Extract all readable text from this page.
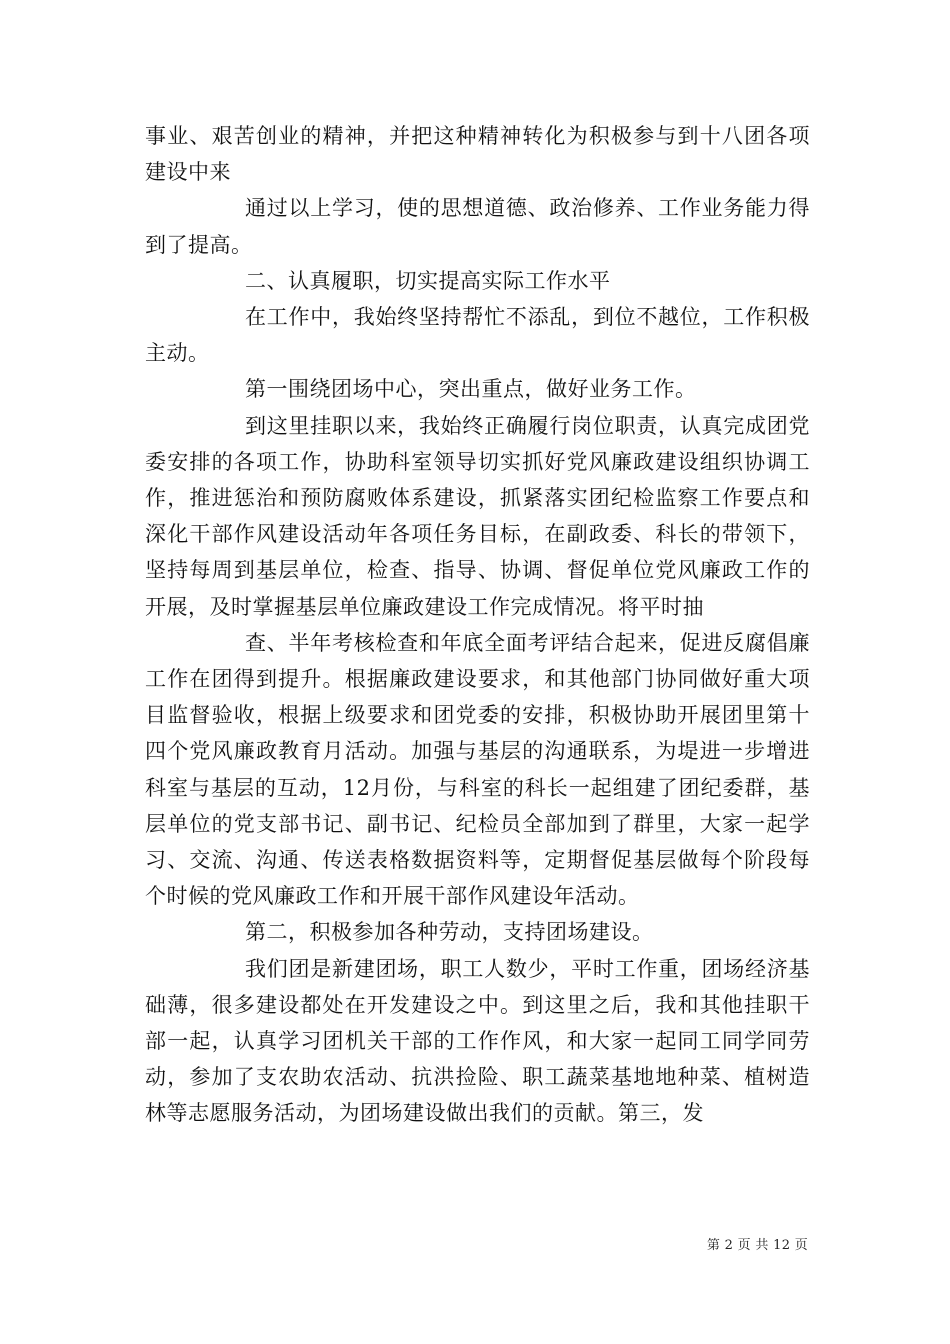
事业、艰苦创业的精神，并把这种精神转化为积极参与到十八团各项建设中来

通过以上学习，使的思想道德、政治修养、工作业务能力得到了提高。

二、认真履职，切实提高实际工作水平

在工作中，我始终坚持帮忙不添乱，到位不越位，工作积极主动。

第一围绕团场中心，突出重点，做好业务工作。

到这里挂职以来，我始终正确履行岗位职责，认真完成团党委安排的各项工作，协助科室领导切实抓好党风廉政建设组织协调工作，推进惩治和预防腐败体系建设，抓紧落实团纪检监察工作要点和深化干部作风建设活动年各项任务目标，在副政委、科长的带领下，坚持每周到基层单位，检查、指导、协调、督促单位党风廉政工作的开展，及时掌握基层单位廉政建设工作完成情况。将平时抽

查、半年考核检查和年底全面考评结合起来，促进反腐倡廉工作在团得到提升。根据廉政建设要求，和其他部门协同做好重大项目监督验收，根据上级要求和团党委的安排，积极协助开展团里第十四个党风廉政教育月活动。加强与基层的沟通联系，为堤进一步增进科室与基层的互动，12月份，与科室的科长一起组建了团纪委群，基层单位的党支部书记、副书记、纪检员全部加到了群里，大家一起学习、交流、沟通、传送表格数据资料等，定期督促基层做每个阶段每个时候的党风廉政工作和开展干部作风建设年活动。

第二，积极参加各种劳动，支持团场建设。

我们团是新建团场，职工人数少，平时工作重，团场经济基础薄，很多建设都处在开发建设之中。到这里之后，我和其他挂职干部一起，认真学习团机关干部的工作作风，和大家一起同工同学同劳动，参加了支农助农活动、抗洪捡险、职工蔬菜基地地种菜、植树造林等志愿服务活动，为团场建设做出我们的贡献。第三，发

第 2 页 共 12 页
